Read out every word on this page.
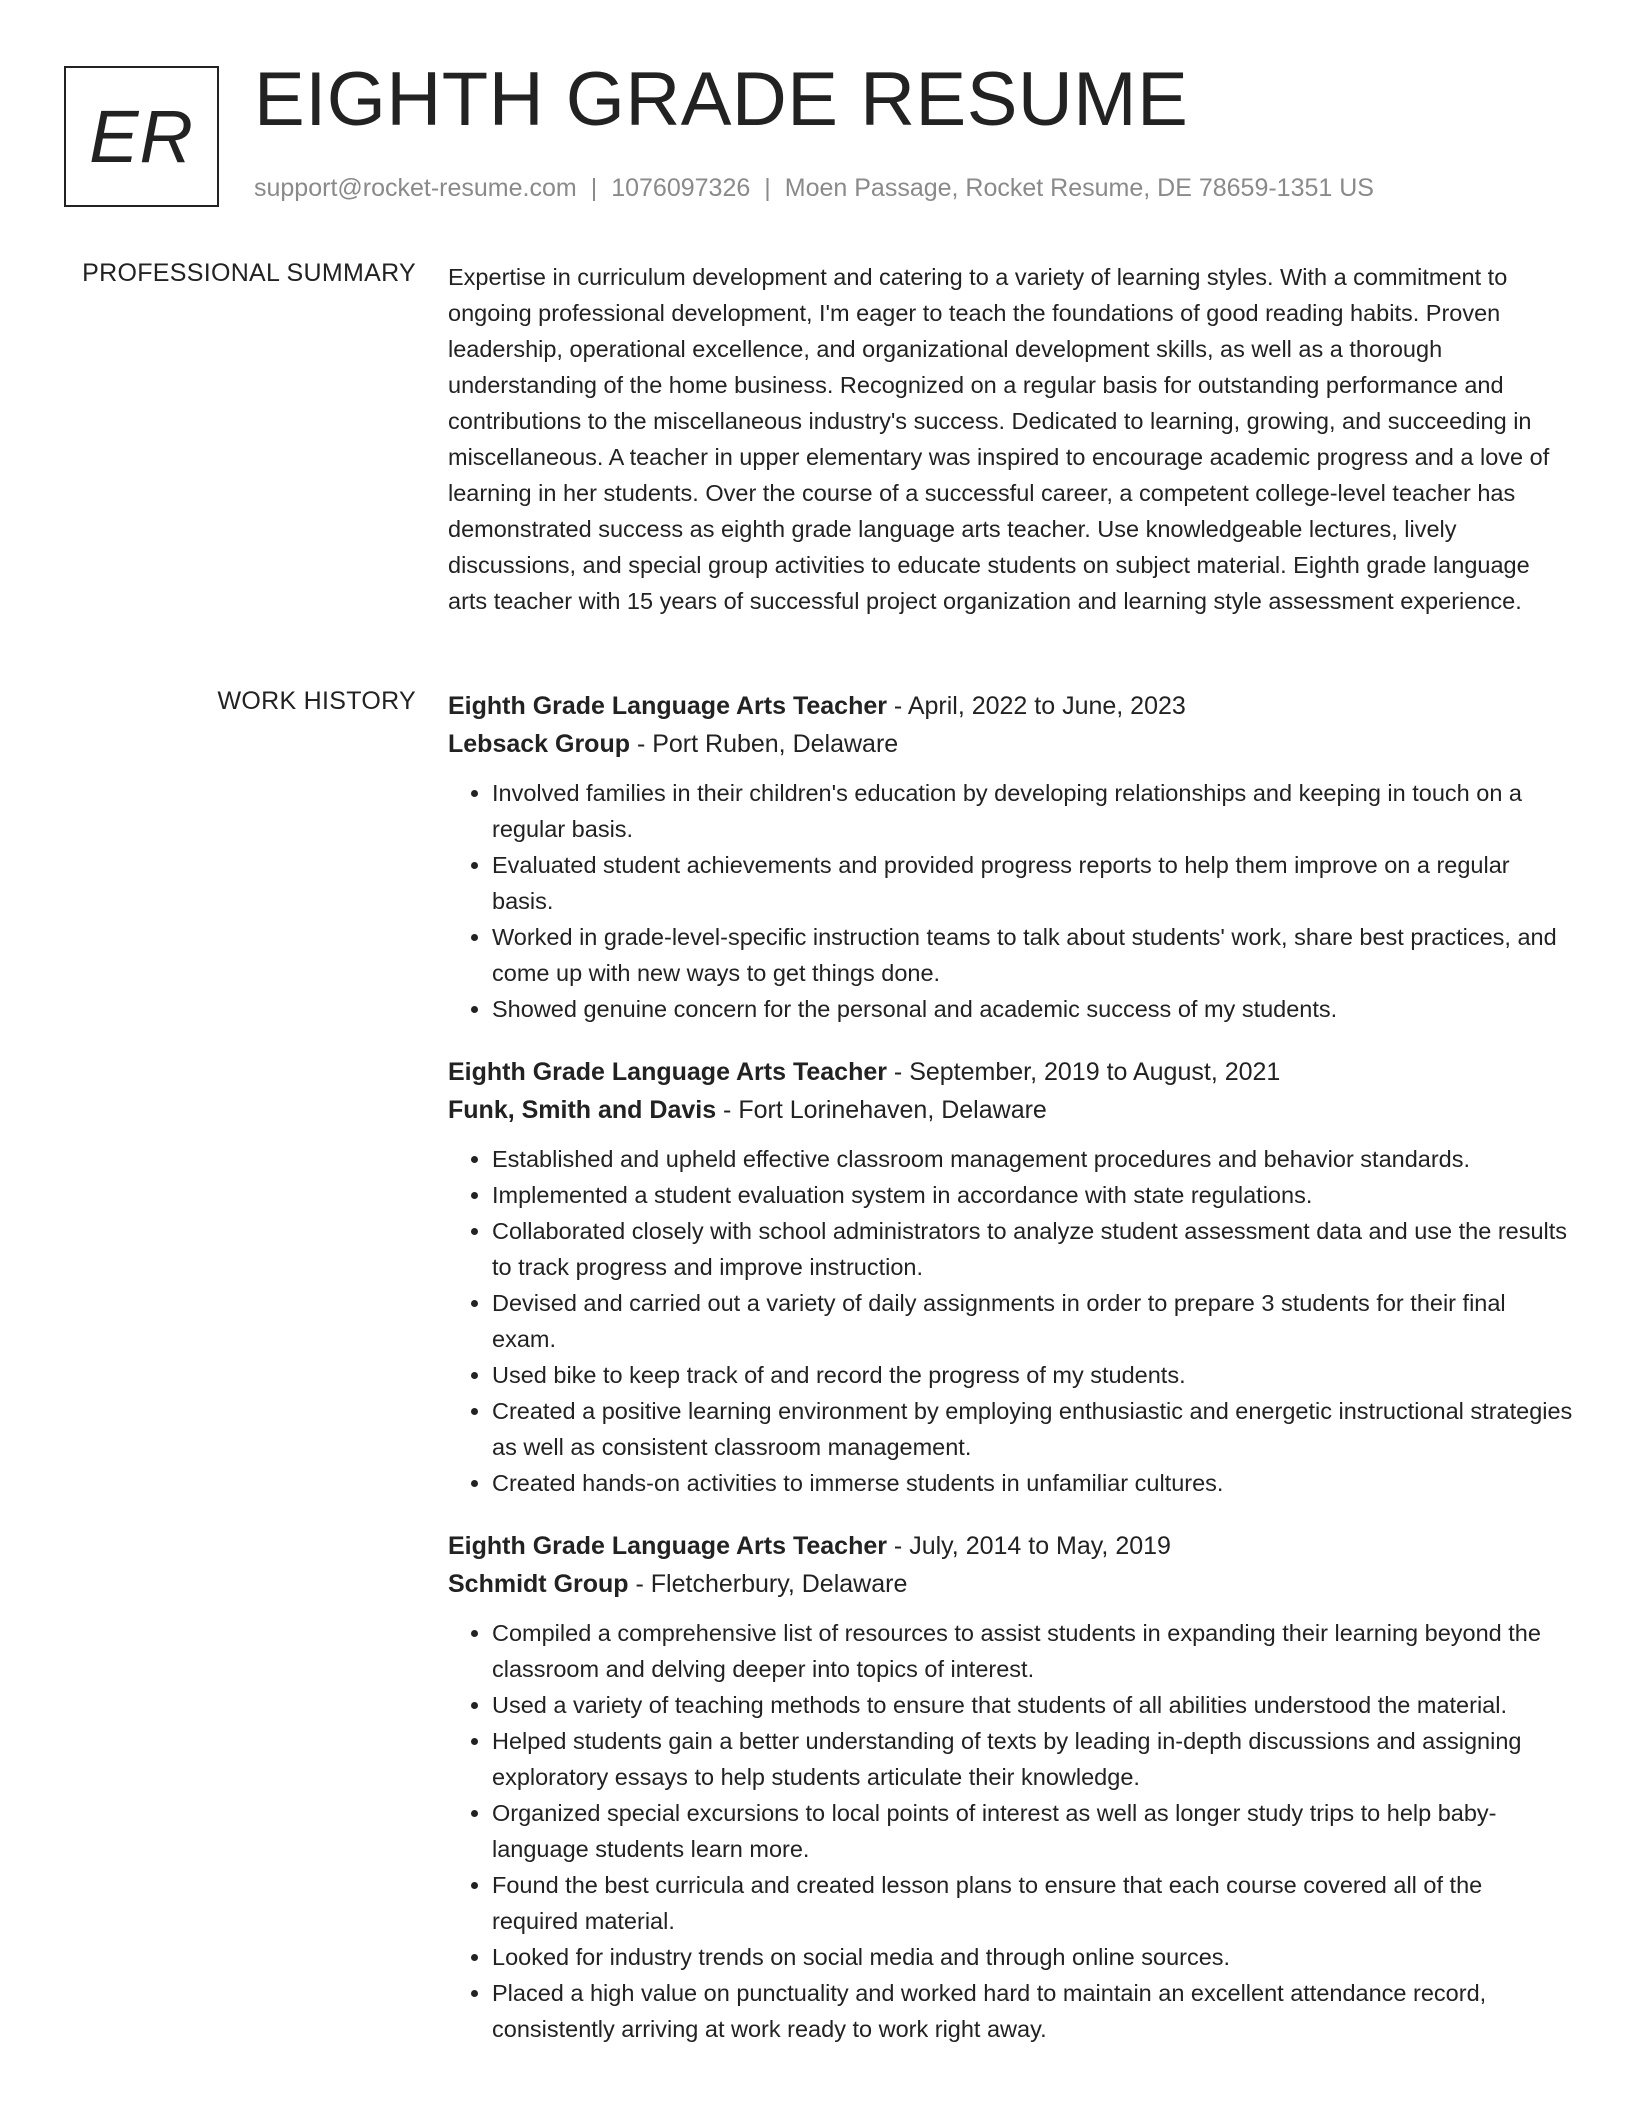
ER EIGHTH GRADE RESUME
support@rocket-resume.com | 1076097326 | Moen Passage, Rocket Resume, DE 78659-1351 US
PROFESSIONAL SUMMARY Expertise in curriculum development and catering to a variety of learning styles. With a commitment to ongoing professional development, I'm eager to teach the foundations of good reading habits. Proven leadership, operational excellence, and organizational development skills, as well as a thorough understanding of the home business. Recognized on a regular basis for outstanding performance and contributions to the miscellaneous industry's success. Dedicated to learning, growing, and succeeding in miscellaneous. A teacher in upper elementary was inspired to encourage academic progress and a love of learning in her students. Over the course of a successful career, a competent college-level teacher has demonstrated success as eighth grade language arts teacher. Use knowledgeable lectures, lively discussions, and special group activities to educate students on subject material. Eighth grade language arts teacher with 15 years of successful project organization and learning style assessment experience.

WORK HISTORY Eighth Grade Language Arts Teacher - April, 2022 to June, 2023
Lebsack Group - Port Ruben, Delaware
• Involved families in their children's education by developing relationships and keeping in touch on a regular basis.
• Evaluated student achievements and provided progress reports to help them improve on a regular basis.
• Worked in grade-level-specific instruction teams to talk about students' work, share best practices, and come up with new ways to get things done.
• Showed genuine concern for the personal and academic success of my students.
Eighth Grade Language Arts Teacher - September, 2019 to August, 2021
Funk, Smith and Davis - Fort Lorinehaven, Delaware
• Established and upheld effective classroom management procedures and behavior standards.
• Implemented a student evaluation system in accordance with state regulations.
• Collaborated closely with school administrators to analyze student assessment data and use the results to track progress and improve instruction.
• Devised and carried out a variety of daily assignments in order to prepare 3 students for their final exam.
• Used bike to keep track of and record the progress of my students.
• Created a positive learning environment by employing enthusiastic and energetic instructional strategies as well as consistent classroom management.
• Created hands-on activities to immerse students in unfamiliar cultures.
Eighth Grade Language Arts Teacher - July, 2014 to May, 2019
Schmidt Group - Fletcherbury, Delaware
• Compiled a comprehensive list of resources to assist students in expanding their learning beyond the classroom and delving deeper into topics of interest.
• Used a variety of teaching methods to ensure that students of all abilities understood the material.
• Helped students gain a better understanding of texts by leading in-depth discussions and assigning exploratory essays to help students articulate their knowledge.
• Organized special excursions to local points of interest as well as longer study trips to help baby-language students learn more.
• Found the best curricula and created lesson plans to ensure that each course covered all of the required material.
• Looked for industry trends on social media and through online sources.
• Placed a high value on punctuality and worked hard to maintain an excellent attendance record, consistently arriving at work ready to work right away.
